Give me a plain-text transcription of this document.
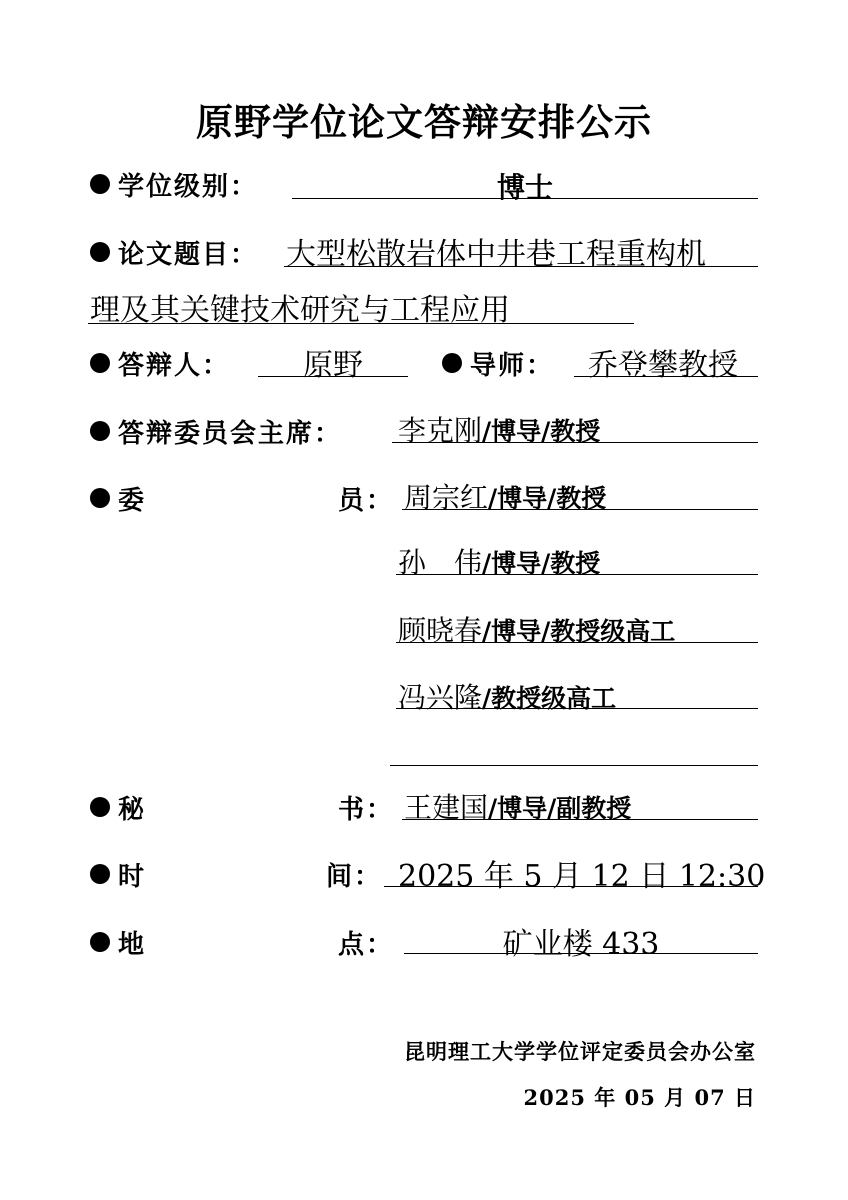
原野学位论文答辩安排公示
学位级别：	博士
论文题目： 大型松散岩体中井巷工程重构机
理及其关键技术研究与工程应用
答辩人：	原野	导师： 乔登攀教授
答辩委员会主席： 李克刚/博导/教授
委	员： 周宗红/博导/教授
孙　伟/博导/教授
顾晓春/博导/教授级高工
冯兴隆/教授级高工
秘	书： 王建国/博导/副教授
时	间： 2025 年 5 月 12 日 12:30
地	点：	矿业楼 433
昆明理工大学学位评定委员会办公室
2025 年 05 月 07 日
